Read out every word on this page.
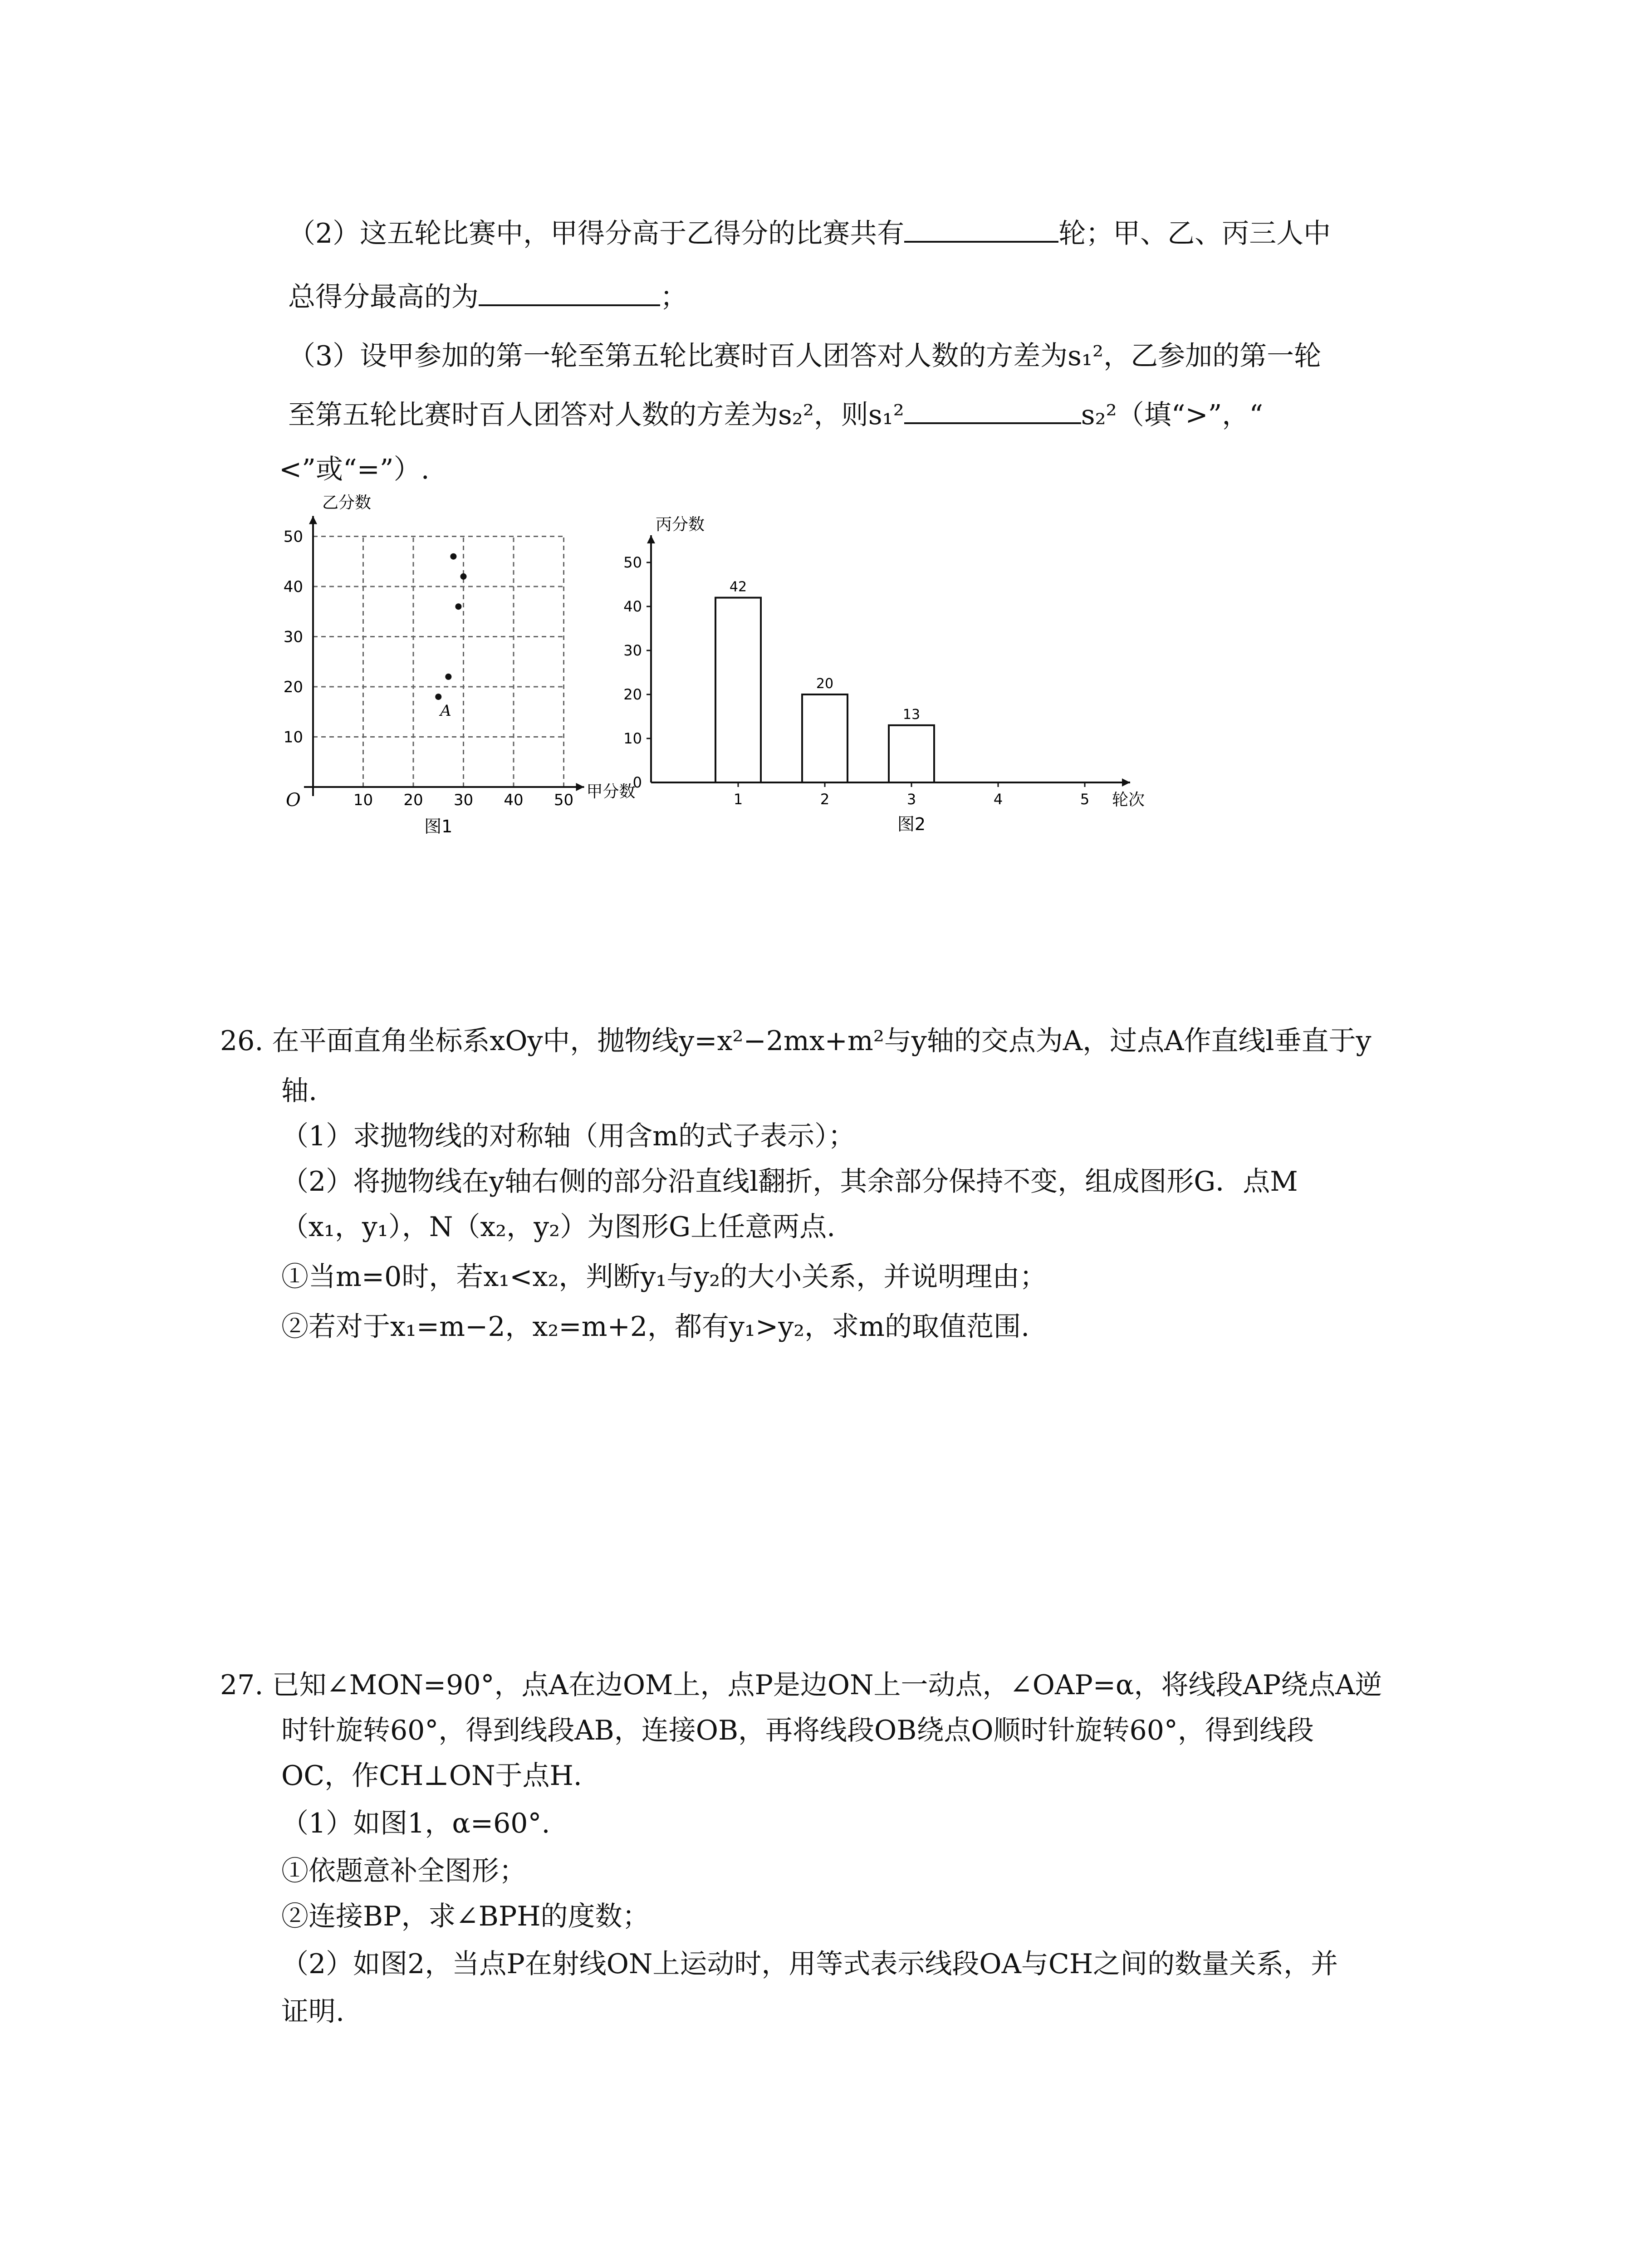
（2）这五轮比赛中，甲得分高于乙得分的比赛共有	轮；甲、乙、丙三人中
总得分最高的为	；
（3）设甲参加的第一轮至第五轮比赛时百人团答对人数的方差为s₁²，乙参加的第一轮
至第五轮比赛时百人团答对人数的方差为s₂²，则s₁²	s₂²（填“>”，“
<”或“=”）.
10 20 30 40 50
10
20
30
40
50
O	甲分数
乙分数
图1
A
10
20
30
40
50
0
1	2	3	4	5
42
20
13
丙分数
轮次
图2
26. 在平面直角坐标系xOy中，抛物线y=x²−2mx+m²与y轴的交点为A，过点A作直线l垂直于y
轴.
（1）求抛物线的对称轴（用含m的式子表示）；
（2）将抛物线在y轴右侧的部分沿直线l翻折，其余部分保持不变，组成图形G．点M
（x₁，y₁），N（x₂，y₂）为图形G上任意两点.
①当m=0时，若x₁<x₂，判断y₁与y₂的大小关系，并说明理由；
②若对于x₁=m−2，x₂=m+2，都有y₁>y₂，求m的取值范围.
27. 已知∠MON=90°，点A在边OM上，点P是边ON上一动点，∠OAP=α，将线段AP绕点A逆
时针旋转60°，得到线段AB，连接OB，再将线段OB绕点O顺时针旋转60°，得到线段
OC，作CH⊥ON于点H.
（1）如图1，α=60°.
①依题意补全图形；
②连接BP，求∠BPH的度数；
（2）如图2，当点P在射线ON上运动时，用等式表示线段OA与CH之间的数量关系，并
证明.
